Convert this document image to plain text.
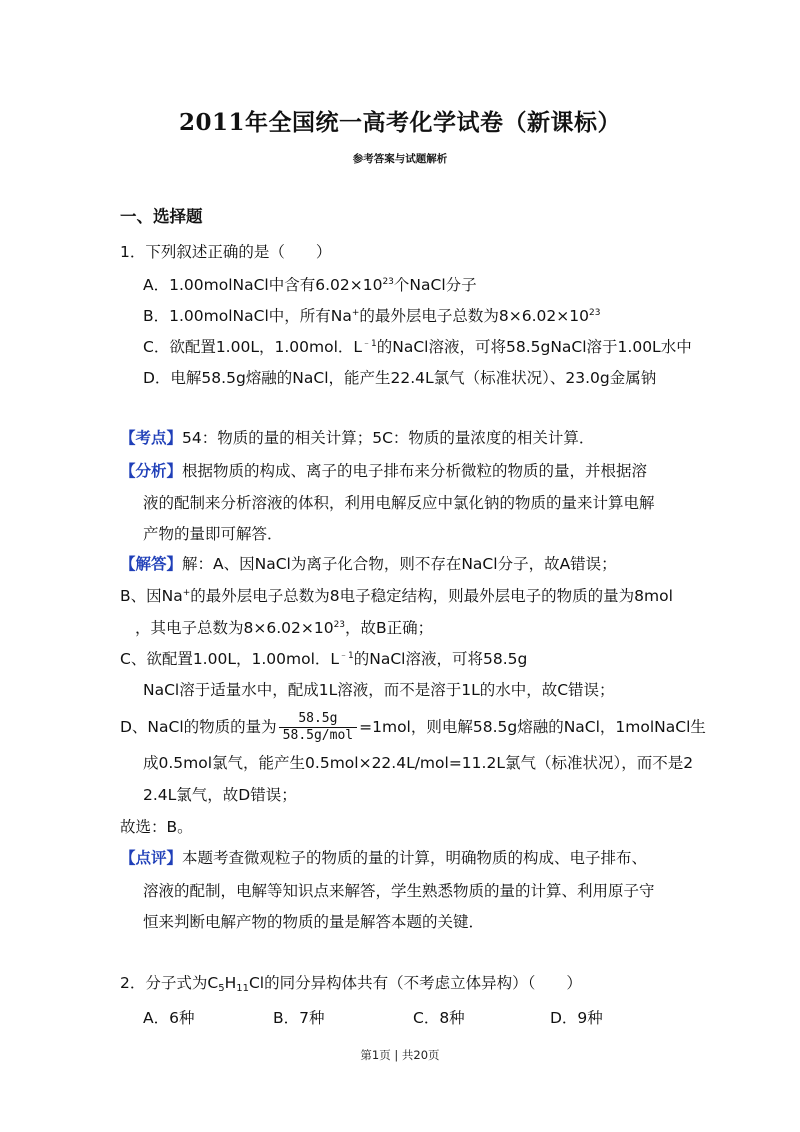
2011年全国统一高考化学试卷（新课标）
参考答案与试题解析
一、选择题
1．下列叙述正确的是（　　）
A．1.00molNaCl中含有$6.02\times 10^{23}$个NaCl分子
B．1.00molNaCl中，所有Na+的最外层电子总数为$8\times 6.02\times 10^{23}$
C．欲配置1.00L，1.00mol．$L^{﹣1}$的NaCl溶液，可将58.5gNaCl溶于1.00L水中
D．电解58.5g熔融的NaCl，能产生22.4L氯气（标准状况）、23.0g金属钠
【考点】54：物质的量的相关计算；5C：物质的量浓度的相关计算．
【分析】根据物质的构成、离子的电子排布来分析微粒的物质的量，并根据溶
液的配制来分析溶液的体积，利用电解反应中氯化钠的物质的量来计算电解
产物的量即可解答．
【解答】解：A、因NaCl为离子化合物，则不存在NaCl分子，故A错误；
B、因Na+的最外层电子总数为8电子稳定结构，则最外层电子的物质的量为8mol
，其电子总数为$8\times 6.02\times 10^{23}$，故B正确；
C、欲配置1.00L，1.00mol．$L^{﹣1}$的NaCl溶液，可将58.5g
NaCl溶于适量水中，配成1L溶液，而不是溶于1L的水中，故C错误；
D、NaCl的物质的量为 $\frac{58.5g}{\text{58.5g/mol}} =1mol$，则电解58.5g熔融的NaCl，1molNaCl生
成0.5mol氯气，能产生0.5mol×22.4L/mol=11.2L氯气（标准状况），而不是2
2.4L氯气，故D错误；
故选：B。
【点评】本题考查微观粒子的物质的量的计算，明确物质的构成、电子排布、
溶液的配制，电解等知识点来解答，学生熟悉物质的量的计算、利用原子守
恒来判断电解产物的物质的量是解答本题的关键．
2．分子式为$C_5H_{11}Cl$的同分异构体共有（不考虑立体异构）（　　）
A．6种	B．7种	C．8种	D．9种
第1页 | 共20页
